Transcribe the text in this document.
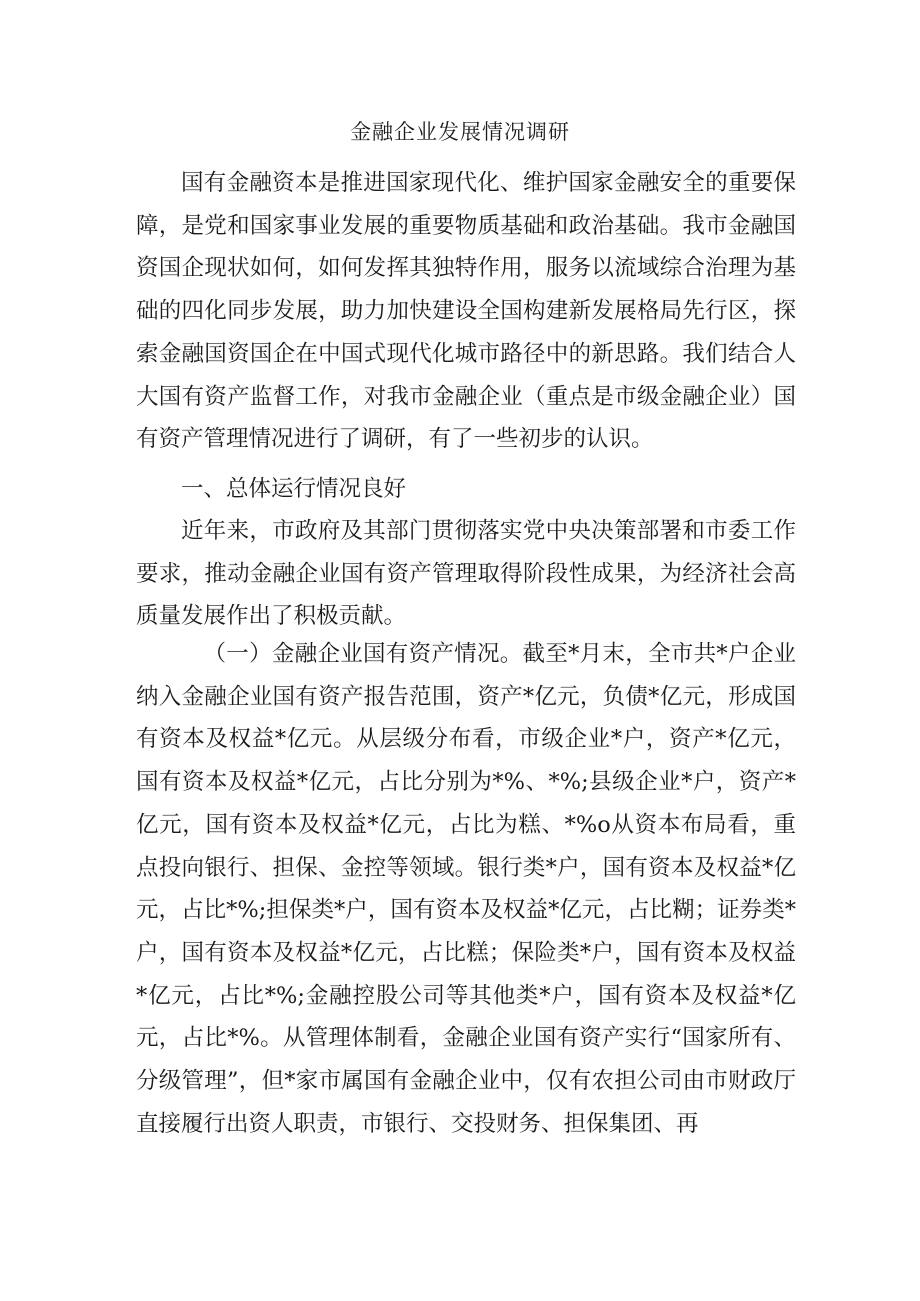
金融企业发展情况调研

国有金融资本是推进国家现代化、维护国家金融安全的重要保障，是党和国家事业发展的重要物质基础和政治基础。我市金融国资国企现状如何，如何发挥其独特作用，服务以流域综合治理为基础的四化同步发展，助力加快建设全国构建新发展格局先行区，探索金融国资国企在中国式现代化城市路径中的新思路。我们结合人大国有资产监督工作，对我市金融企业（重点是市级金融企业）国有资产管理情况进行了调研，有了一些初步的认识。

一、总体运行情况良好

近年来，市政府及其部门贯彻落实党中央决策部署和市委工作要求，推动金融企业国有资产管理取得阶段性成果，为经济社会高质量发展作出了积极贡献。

（一）金融企业国有资产情况。截至*月末，全市共*户企业纳入金融企业国有资产报告范围，资产*亿元，负债*亿元，形成国有资本及权益*亿元。从层级分布看，市级企业*户，资产*亿元，国有资本及权益*亿元，占比分别为*%、*%;县级企业*户，资产*亿元，国有资本及权益*亿元，占比为糕、*%o从资本布局看，重点投向银行、担保、金控等领域。银行类*户，国有资本及权益*亿元，占比*%;担保类*户，国有资本及权益*亿元，占比糊；证券类*户，国有资本及权益*亿元，占比糕；保险类*户，国有资本及权益*亿元，占比*%;金融控股公司等其他类*户，国有资本及权益*亿元，占比*%。从管理体制看，金融企业国有资产实行“国家所有、分级管理”，但*家市属国有金融企业中，仅有农担公司由市财政厅直接履行出资人职责，市银行、交投财务、担保集团、再
